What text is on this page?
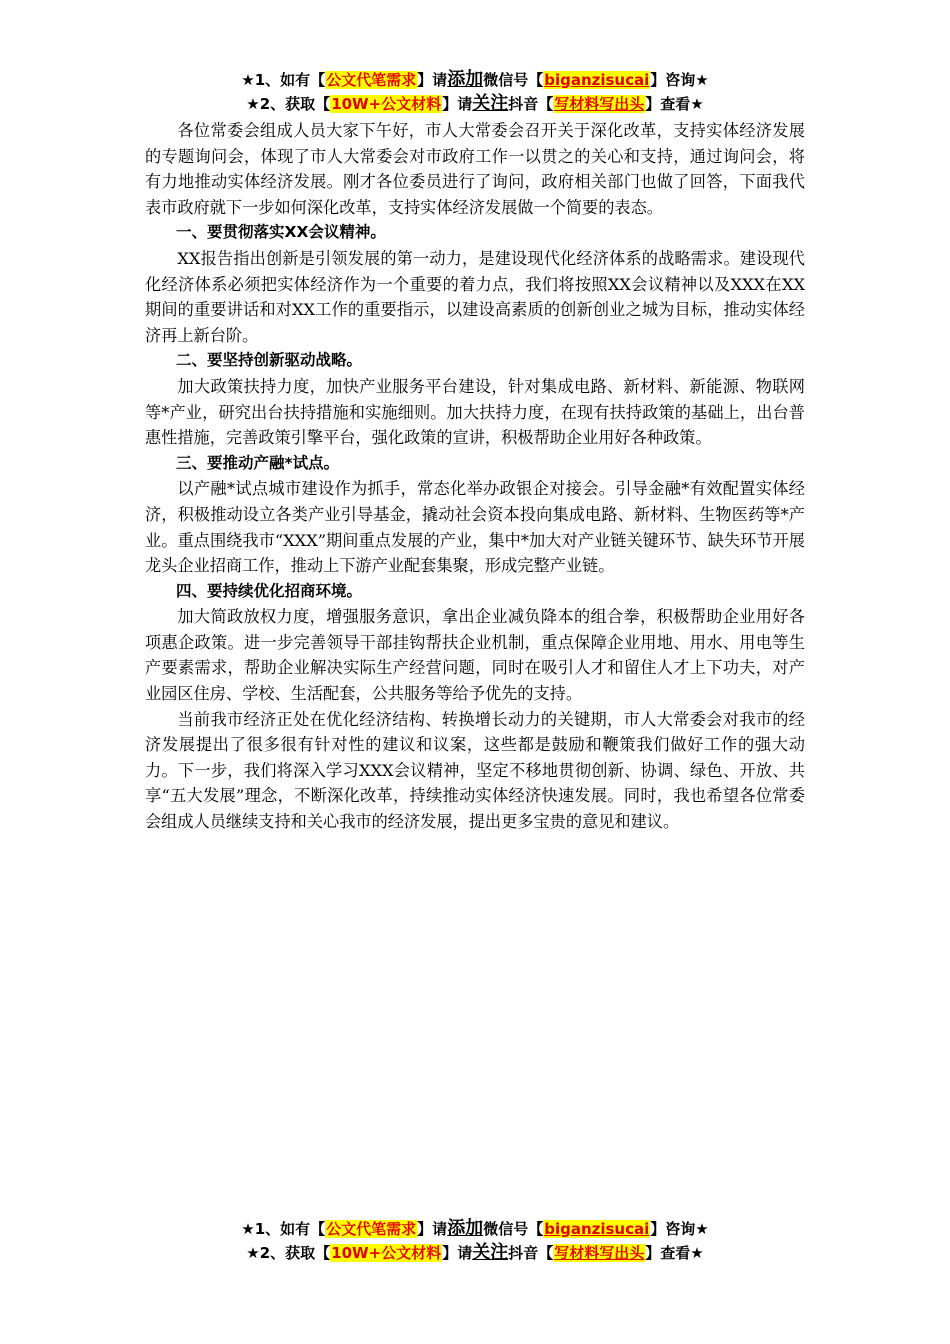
★1、如有【公文代笔需求】请添加微信号【biganzisucai】咨询★
★2、获取【10W+公文材料】请关注抖音【写材料写出头】查看★

各位常委会组成人员大家下午好，市人大常委会召开关于深化改革，支持实体经济发展的专题询问会，体现了市人大常委会对市政府工作一以贯之的关心和支持，通过询问会，将有力地推动实体经济发展。刚才各位委员进行了询问，政府相关部门也做了回答，下面我代表市政府就下一步如何深化改革，支持实体经济发展做一个简要的表态。

一、要贯彻落实XX会议精神。

XX报告指出创新是引领发展的第一动力，是建设现代化经济体系的战略需求。建设现代化经济体系必须把实体经济作为一个重要的着力点，我们将按照XX会议精神以及XXX在XX期间的重要讲话和对XX工作的重要指示，以建设高素质的创新创业之城为目标，推动实体经济再上新台阶。

二、要坚持创新驱动战略。

加大政策扶持力度，加快产业服务平台建设，针对集成电路、新材料、新能源、物联网等*产业，研究出台扶持措施和实施细则。加大扶持力度，在现有扶持政策的基础上，出台普惠性措施，完善政策引擎平台，强化政策的宣讲，积极帮助企业用好各种政策。

三、要推动产融*试点。

以产融*试点城市建设作为抓手，常态化举办政银企对接会。引导金融*有效配置实体经济，积极推动设立各类产业引导基金，撬动社会资本投向集成电路、新材料、生物医药等*产业。重点围绕我市“XXX”期间重点发展的产业，集中*加大对产业链关键环节、缺失环节开展龙头企业招商工作，推动上下游产业配套集聚，形成完整产业链。

四、要持续优化招商环境。

加大简政放权力度，增强服务意识，拿出企业减负降本的组合拳，积极帮助企业用好各项惠企政策。进一步完善领导干部挂钩帮扶企业机制，重点保障企业用地、用水、用电等生产要素需求，帮助企业解决实际生产经营问题，同时在吸引人才和留住人才上下功夫，对产业园区住房、学校、生活配套，公共服务等给予优先的支持。

当前我市经济正处在优化经济结构、转换增长动力的关键期，市人大常委会对我市的经济发展提出了很多很有针对性的建议和议案，这些都是鼓励和鞭策我们做好工作的强大动力。下一步，我们将深入学习XXX会议精神，坚定不移地贯彻创新、协调、绿色、开放、共享“五大发展”理念，不断深化改革，持续推动实体经济快速发展。同时，我也希望各位常委会组成人员继续支持和关心我市的经济发展，提出更多宝贵的意见和建议。

★1、如有【公文代笔需求】请添加微信号【biganzisucai】咨询★
★2、获取【10W+公文材料】请关注抖音【写材料写出头】查看★
